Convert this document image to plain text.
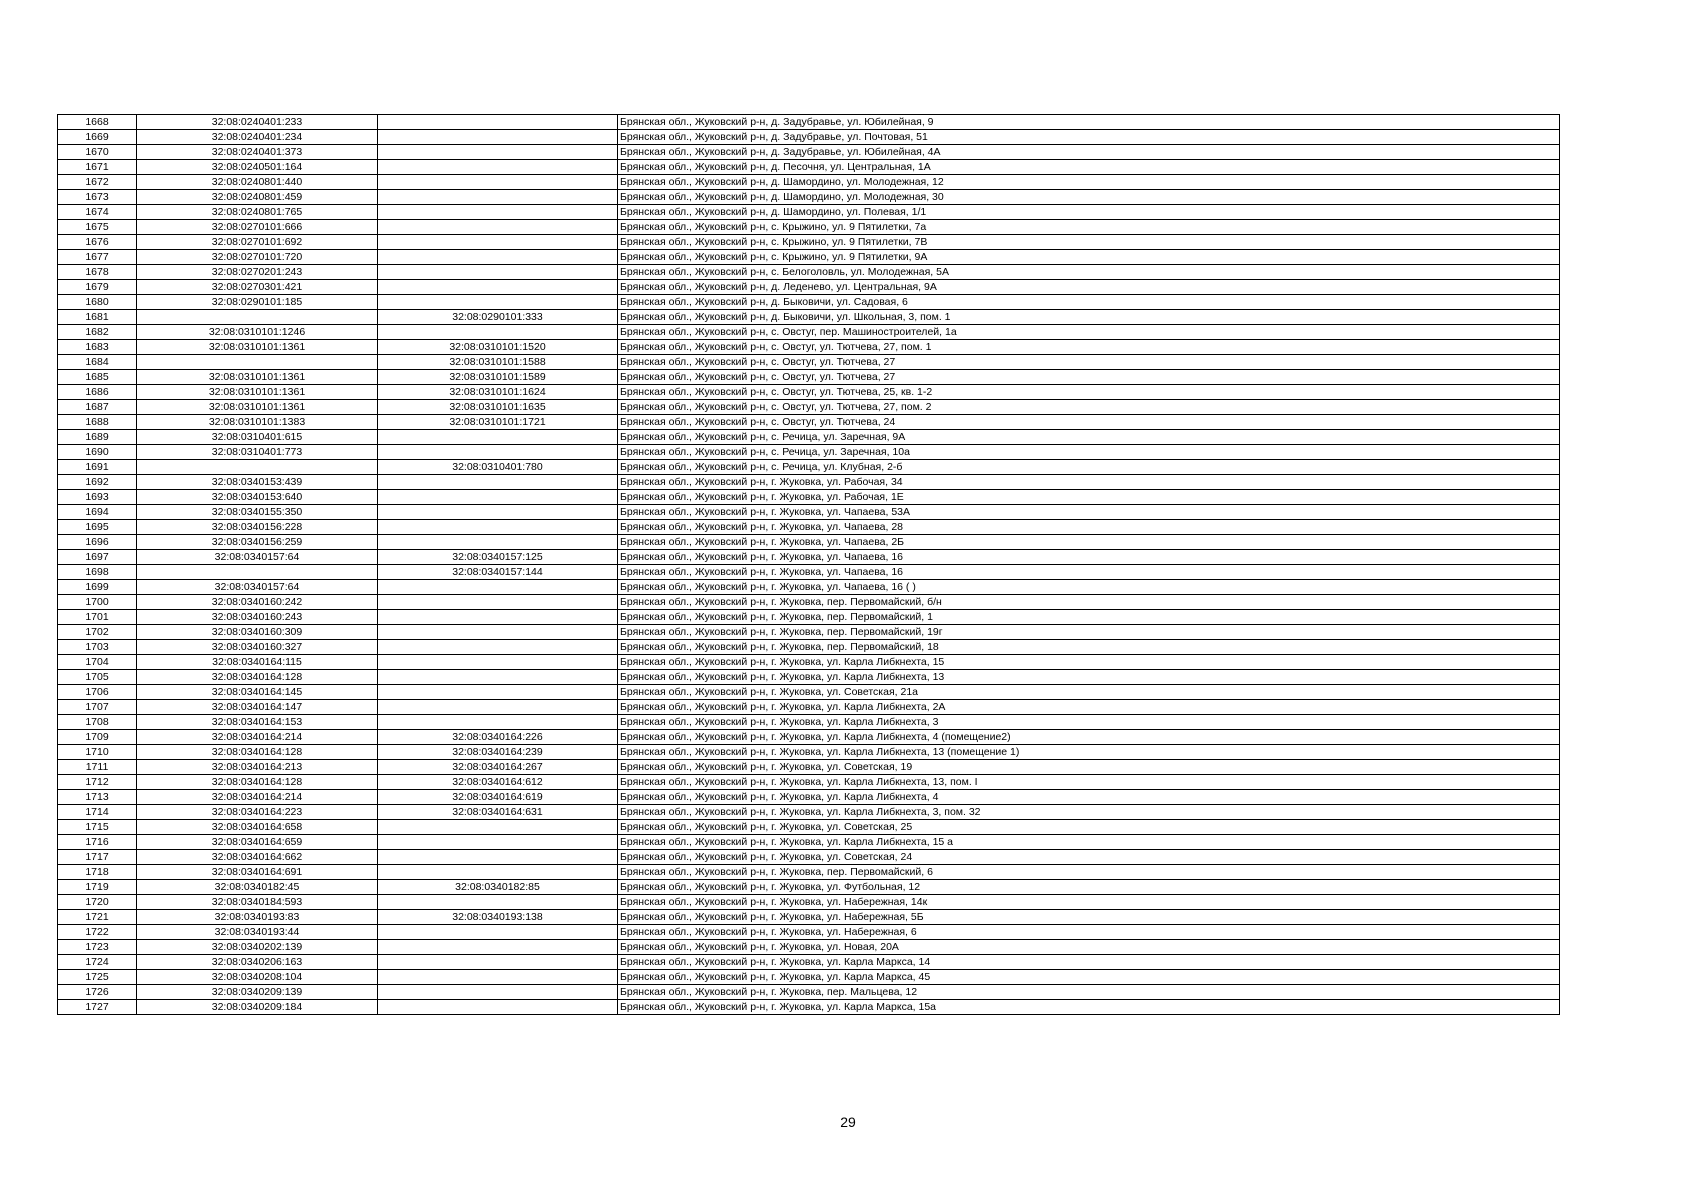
1668	32:08:0240401:233		Брянская обл., Жуковский р-н, д. Задубравье, ул. Юбилейная, 9
1669	32:08:0240401:234		Брянская обл., Жуковский р-н, д. Задубравье, ул. Почтовая, 51
1670	32:08:0240401:373		Брянская обл., Жуковский р-н, д. Задубравье, ул. Юбилейная, 4А
1671	32:08:0240501:164		Брянская обл., Жуковский р-н, д. Песочня, ул. Центральная, 1А
1672	32:08:0240801:440		Брянская обл., Жуковский р-н, д. Шамордино, ул. Молодежная, 12
1673	32:08:0240801:459		Брянская обл., Жуковский р-н, д. Шамордино, ул. Молодежная, 30
1674	32:08:0240801:765		Брянская обл., Жуковский р-н, д. Шамордино, ул. Полевая, 1/1
1675	32:08:0270101:666		Брянская обл., Жуковский р-н, с. Крыжино, ул. 9 Пятилетки, 7а
1676	32:08:0270101:692		Брянская обл., Жуковский р-н, с. Крыжино, ул. 9 Пятилетки, 7В
1677	32:08:0270101:720		Брянская обл., Жуковский р-н, с. Крыжино, ул. 9 Пятилетки, 9А
1678	32:08:0270201:243		Брянская обл., Жуковский р-н, с. Белоголовль, ул. Молодежная, 5А
1679	32:08:0270301:421		Брянская обл., Жуковский р-н, д. Леденево, ул. Центральная, 9А
1680	32:08:0290101:185		Брянская обл., Жуковский р-н, д. Быковичи, ул. Садовая, 6
1681		32:08:0290101:333	Брянская обл., Жуковский р-н, д. Быковичи, ул. Школьная, 3, пом. 1
1682	32:08:0310101:1246		Брянская обл., Жуковский р-н, с. Овстуг, пер. Машиностроителей, 1а
1683	32:08:0310101:1361	32:08:0310101:1520	Брянская обл., Жуковский р-н, с. Овстуг, ул. Тютчева, 27, пом. 1
1684		32:08:0310101:1588	Брянская обл., Жуковский р-н, с. Овстуг, ул. Тютчева, 27
1685	32:08:0310101:1361	32:08:0310101:1589	Брянская обл., Жуковский р-н, с. Овстуг, ул. Тютчева, 27
1686	32:08:0310101:1361	32:08:0310101:1624	Брянская обл., Жуковский р-н, с. Овстуг, ул. Тютчева, 25, кв. 1-2
1687	32:08:0310101:1361	32:08:0310101:1635	Брянская обл., Жуковский р-н, с. Овстуг, ул. Тютчева, 27, пом. 2
1688	32:08:0310101:1383	32:08:0310101:1721	Брянская обл., Жуковский р-н, с. Овстуг, ул. Тютчева, 24
1689	32:08:0310401:615		Брянская обл., Жуковский р-н, с. Речица, ул. Заречная, 9А
1690	32:08:0310401:773		Брянская обл., Жуковский р-н, с. Речица, ул. Заречная, 10а
1691		32:08:0310401:780	Брянская обл., Жуковский р-н, с. Речица, ул. Клубная, 2-б
1692	32:08:0340153:439		Брянская обл., Жуковский р-н, г. Жуковка, ул. Рабочая, 34
1693	32:08:0340153:640		Брянская обл., Жуковский р-н, г. Жуковка, ул. Рабочая, 1Е
1694	32:08:0340155:350		Брянская обл., Жуковский р-н, г. Жуковка, ул. Чапаева, 53А
1695	32:08:0340156:228		Брянская обл., Жуковский р-н, г. Жуковка, ул. Чапаева, 28
1696	32:08:0340156:259		Брянская обл., Жуковский р-н, г. Жуковка, ул. Чапаева, 2Б
1697	32:08:0340157:64	32:08:0340157:125	Брянская обл., Жуковский р-н, г. Жуковка, ул. Чапаева, 16
1698		32:08:0340157:144	Брянская обл., Жуковский р-н, г. Жуковка, ул. Чапаева, 16
1699	32:08:0340157:64		Брянская обл., Жуковский р-н, г. Жуковка, ул. Чапаева, 16 ( )
1700	32:08:0340160:242		Брянская обл., Жуковский р-н, г. Жуковка, пер. Первомайский, б/н
1701	32:08:0340160:243		Брянская обл., Жуковский р-н, г. Жуковка, пер. Первомайский, 1
1702	32:08:0340160:309		Брянская обл., Жуковский р-н, г. Жуковка, пер. Первомайский, 19г
1703	32:08:0340160:327		Брянская обл., Жуковский р-н, г. Жуковка, пер. Первомайский, 18
1704	32:08:0340164:115		Брянская обл., Жуковский р-н, г. Жуковка, ул. Карла Либкнехта, 15
1705	32:08:0340164:128		Брянская обл., Жуковский р-н, г. Жуковка, ул. Карла Либкнехта, 13
1706	32:08:0340164:145		Брянская обл., Жуковский р-н, г. Жуковка, ул. Советская, 21а
1707	32:08:0340164:147		Брянская обл., Жуковский р-н, г. Жуковка, ул. Карла Либкнехта, 2А
1708	32:08:0340164:153		Брянская обл., Жуковский р-н, г. Жуковка, ул. Карла Либкнехта, 3
1709	32:08:0340164:214	32:08:0340164:226	Брянская обл., Жуковский р-н, г. Жуковка, ул. Карла Либкнехта, 4 (помещение2)
1710	32:08:0340164:128	32:08:0340164:239	Брянская обл., Жуковский р-н, г. Жуковка, ул. Карла Либкнехта, 13 (помещение 1)
1711	32:08:0340164:213	32:08:0340164:267	Брянская обл., Жуковский р-н, г. Жуковка, ул. Советская, 19
1712	32:08:0340164:128	32:08:0340164:612	Брянская обл., Жуковский р-н, г. Жуковка, ул. Карла Либкнехта, 13, пом. I
1713	32:08:0340164:214	32:08:0340164:619	Брянская обл., Жуковский р-н, г. Жуковка, ул. Карла Либкнехта, 4
1714	32:08:0340164:223	32:08:0340164:631	Брянская обл., Жуковский р-н, г. Жуковка, ул. Карла Либкнехта, 3, пом. 32
1715	32:08:0340164:658		Брянская обл., Жуковский р-н, г. Жуковка, ул. Советская, 25
1716	32:08:0340164:659		Брянская обл., Жуковский р-н, г. Жуковка, ул. Карла Либкнехта, 15 а
1717	32:08:0340164:662		Брянская обл., Жуковский р-н, г. Жуковка, ул. Советская, 24
1718	32:08:0340164:691		Брянская обл., Жуковский р-н, г. Жуковка, пер. Первомайский, 6
1719	32:08:0340182:45	32:08:0340182:85	Брянская обл., Жуковский р-н, г. Жуковка, ул. Футбольная, 12
1720	32:08:0340184:593		Брянская обл., Жуковский р-н, г. Жуковка, ул. Набережная, 14к
1721	32:08:0340193:83	32:08:0340193:138	Брянская обл., Жуковский р-н, г. Жуковка, ул. Набережная, 5Б
1722	32:08:0340193:44		Брянская обл., Жуковский р-н, г. Жуковка, ул. Набережная, 6
1723	32:08:0340202:139		Брянская обл., Жуковский р-н, г. Жуковка, ул. Новая, 20А
1724	32:08:0340206:163		Брянская обл., Жуковский р-н, г. Жуковка, ул. Карла Маркса, 14
1725	32:08:0340208:104		Брянская обл., Жуковский р-н, г. Жуковка, ул. Карла Маркса, 45
1726	32:08:0340209:139		Брянская обл., Жуковский р-н, г. Жуковка, пер. Мальцева, 12
1727	32:08:0340209:184		Брянская обл., Жуковский р-н, г. Жуковка, ул. Карла Маркса, 15а
29
